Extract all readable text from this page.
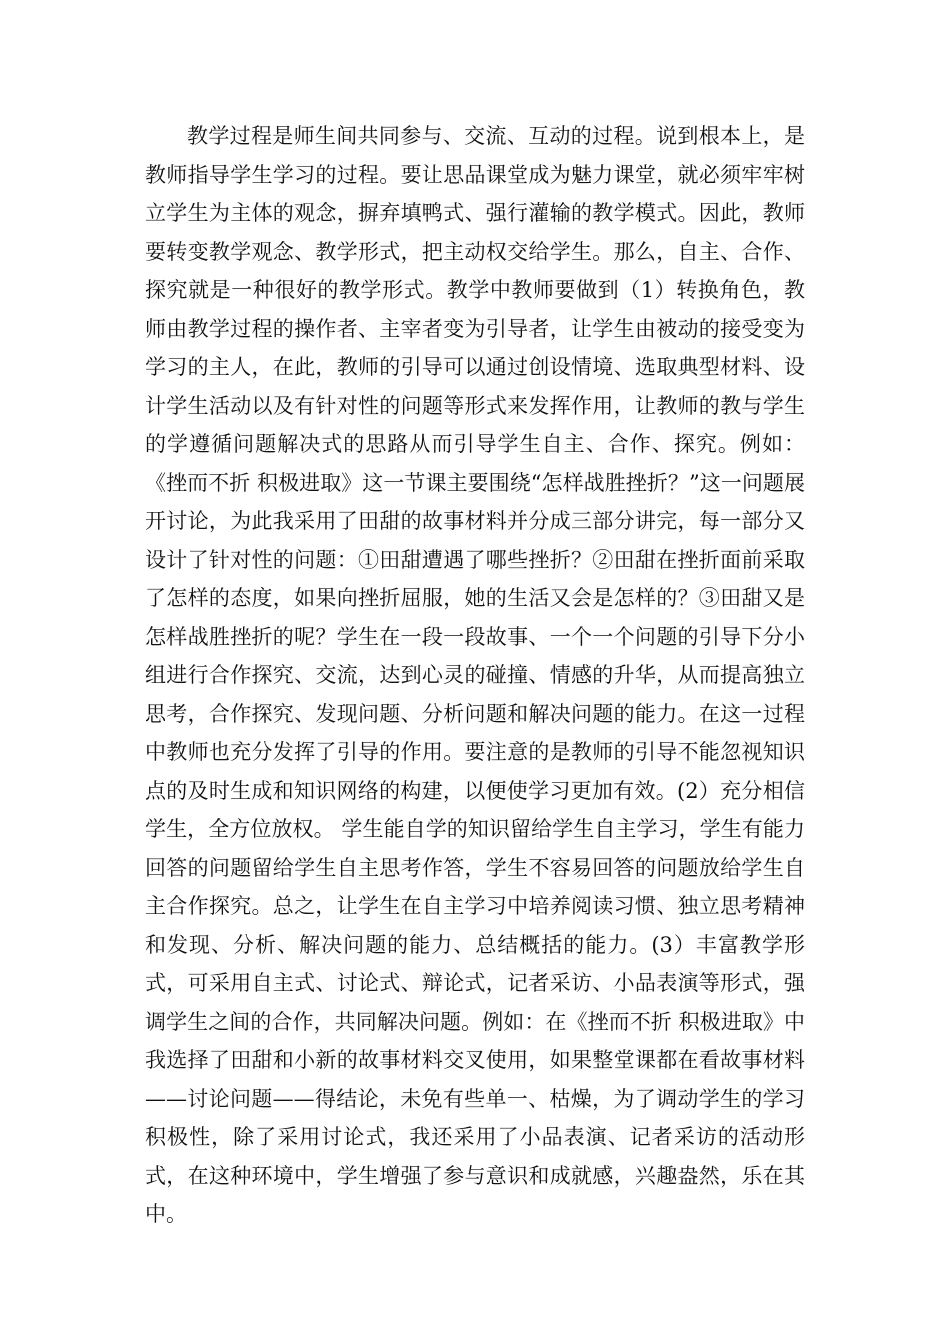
教学过程是师生间共同参与、交流、互动的过程。说到根本上，是教师指导学生学习的过程。要让思品课堂成为魅力课堂，就必须牢牢树立学生为主体的观念，摒弃填鸭式、强行灌输的教学模式。因此，教师要转变教学观念、教学形式，把主动权交给学生。那么，自主、合作、探究就是一种很好的教学形式。教学中教师要做到（1）转换角色，教师由教学过程的操作者、主宰者变为引导者，让学生由被动的接受变为学习的主人，在此，教师的引导可以通过创设情境、选取典型材料、设计学生活动以及有针对性的问题等形式来发挥作用，让教师的教与学生的学遵循问题解决式的思路从而引导学生自主、合作、探究。例如：《挫而不折 积极进取》这一节课主要围绕“怎样战胜挫折？”这一问题展开讨论，为此我采用了田甜的故事材料并分成三部分讲完，每一部分又设计了针对性的问题：①田甜遭遇了哪些挫折？②田甜在挫折面前采取了怎样的态度，如果向挫折屈服，她的生活又会是怎样的？③田甜又是怎样战胜挫折的呢？学生在一段一段故事、一个一个问题的引导下分小组进行合作探究、交流，达到心灵的碰撞、情感的升华，从而提高独立思考，合作探究、发现问题、分析问题和解决问题的能力。在这一过程中教师也充分发挥了引导的作用。要注意的是教师的引导不能忽视知识点的及时生成和知识网络的构建，以便使学习更加有效。(2）充分相信学生，全方位放权。 学生能自学的知识留给学生自主学习，学生有能力回答的问题留给学生自主思考作答，学生不容易回答的问题放给学生自主合作探究。总之，让学生在自主学习中培养阅读习惯、独立思考精神和发现、分析、解决问题的能力、总结概括的能力。(3）丰富教学形式，可采用自主式、讨论式、辩论式，记者采访、小品表演等形式，强调学生之间的合作，共同解决问题。例如：在《挫而不折 积极进取》中我选择了田甜和小新的故事材料交叉使用，如果整堂课都在看故事材料——讨论问题——得结论，未免有些单一、枯燥，为了调动学生的学习积极性，除了采用讨论式，我还采用了小品表演、记者采访的活动形式，在这种环境中，学生增强了参与意识和成就感，兴趣盎然，乐在其中。
